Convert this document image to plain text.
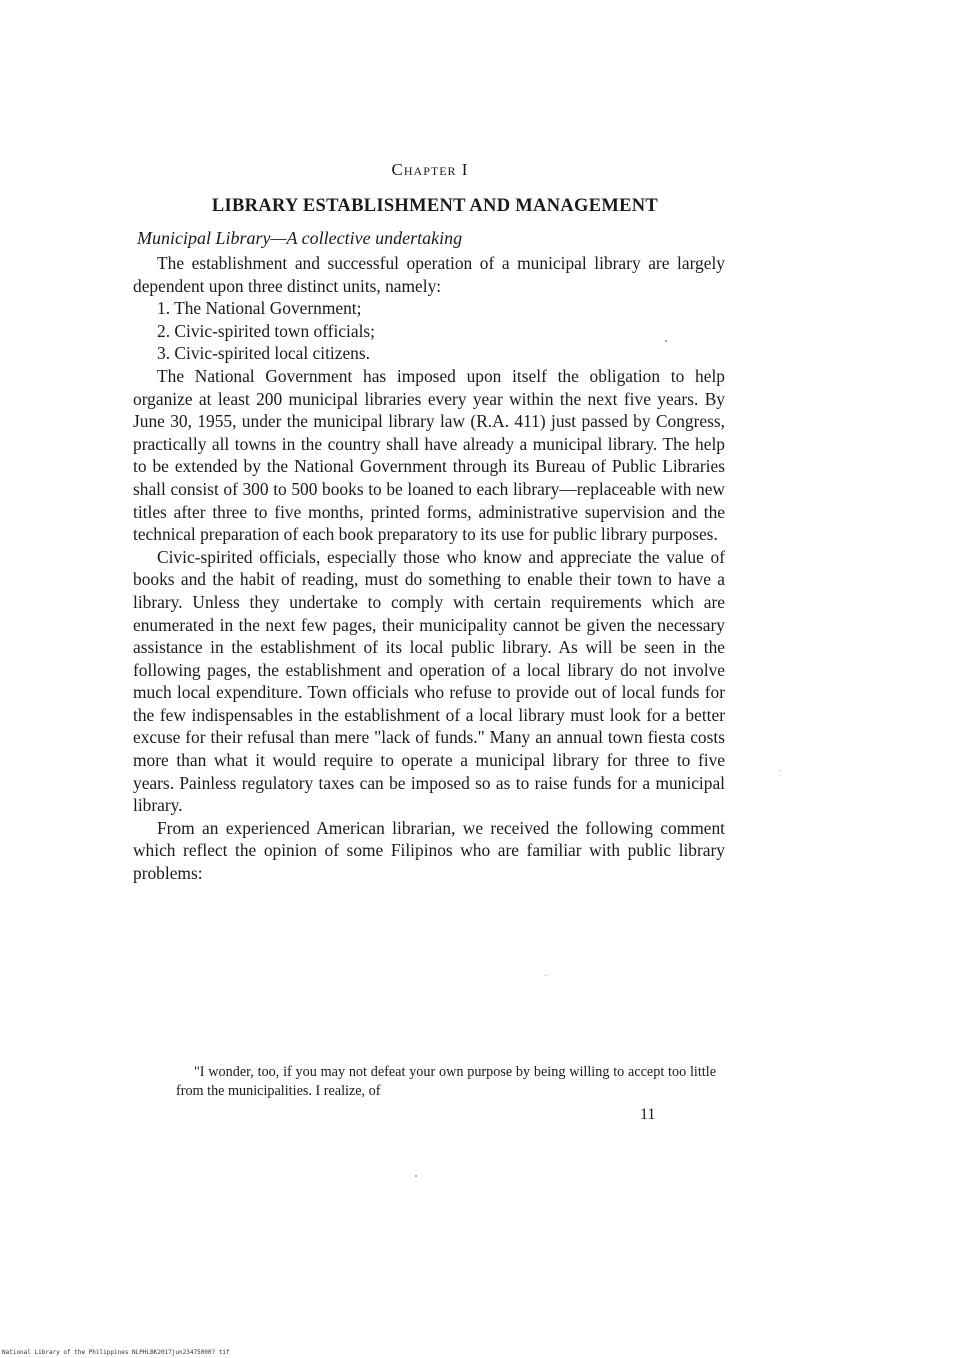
Chapter I
LIBRARY ESTABLISHMENT AND MANAGEMENT
Municipal Library—A collective undertaking

The establishment and successful operation of a municipal library are largely dependent upon three distinct units, namely:

1. The National Government;
2. Civic-spirited town officials;
3. Civic-spirited local citizens.

The National Government has imposed upon itself the obligation to help organize at least 200 municipal libraries every year within the next five years. By June 30, 1955, under the municipal library law (R.A. 411) just passed by Congress, practically all towns in the country shall have already a municipal library. The help to be extended by the National Government through its Bureau of Public Libraries shall consist of 300 to 500 books to be loaned to each library—replaceable with new titles after three to five months, printed forms, administrative supervision and the technical preparation of each book preparatory to its use for public library purposes.

Civic-spirited officials, especially those who know and appreciate the value of books and the habit of reading, must do something to enable their town to have a library. Unless they undertake to comply with certain requirements which are enumerated in the next few pages, their municipality cannot be given the necessary assistance in the establishment of its local public library. As will be seen in the following pages, the establishment and operation of a local library do not involve much local expenditure. Town officials who refuse to provide out of local funds for the few indispensables in the establishment of a local library must look for a better excuse for their refusal than mere "lack of funds." Many an annual town fiesta costs more than what it would require to operate a municipal library for three to five years. Painless regulatory taxes can be imposed so as to raise funds for a municipal library.

From an experienced American librarian, we received the following comment which reflect the opinion of some Filipinos who are familiar with public library problems:

"I wonder, too, if you may not defeat your own purpose by being willing to accept too little from the municipalities. I realize, of
11
National Library of the Philippines NLPHLBK2017jun23475000? tif
